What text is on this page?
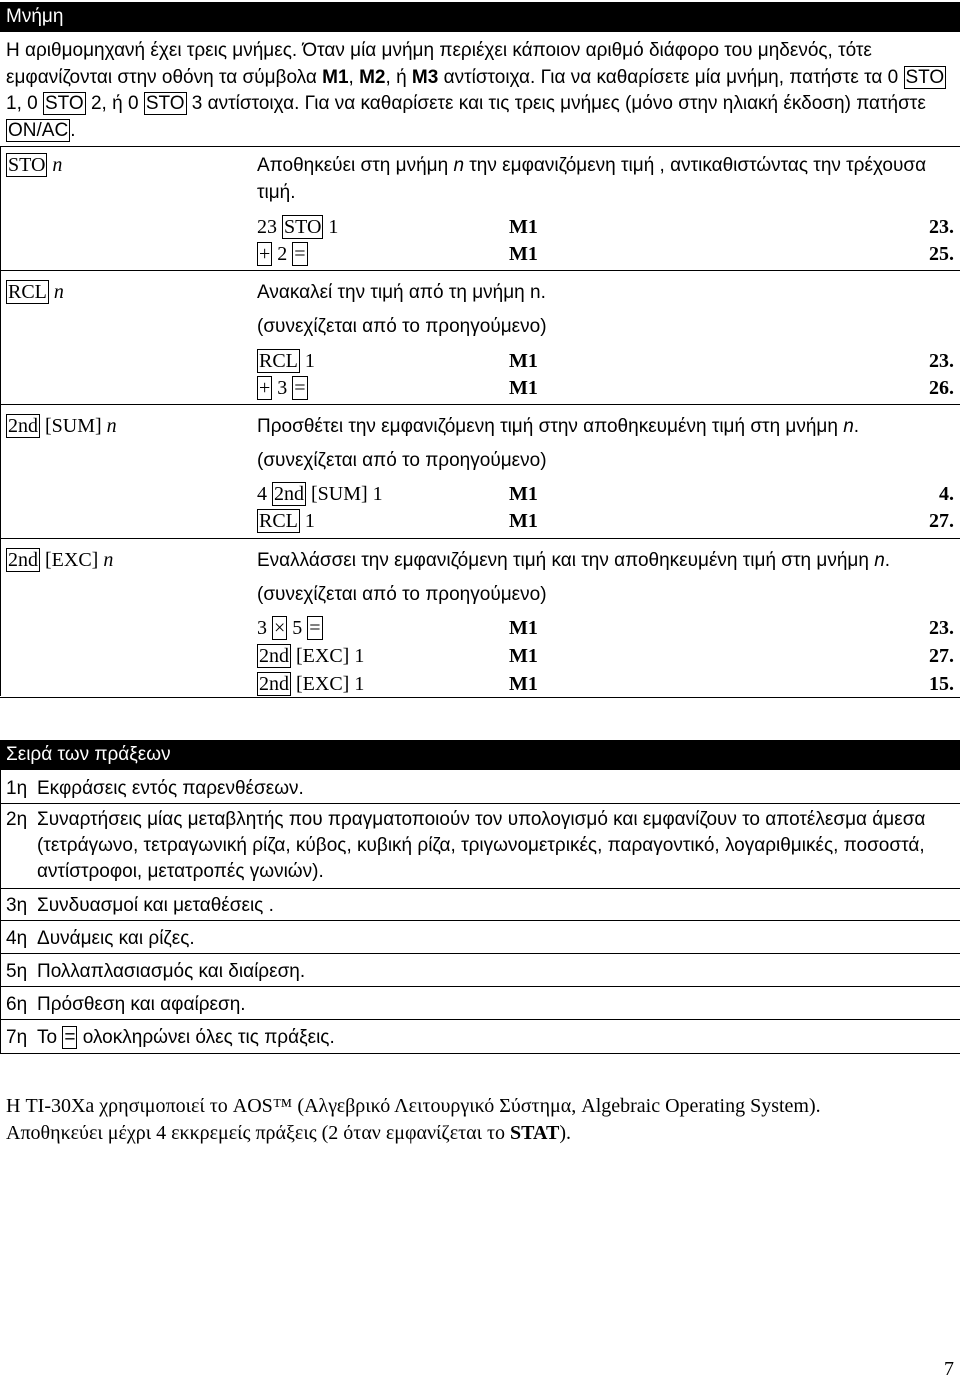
Μνήμη
Η αριθμομηχανή έχει τρεις μνήμες. Όταν μία μνήμη περιέχει κάποιον αριθμό διάφορο του μηδενός, τότε εμφανίζονται στην οθόνη τα σύμβολα M1, M2, ή M3 αντίστοιχα. Για να καθαρίσετε μία μνήμη, πατήστε τα 0 STO 1, 0 STO 2, ή 0 STO 3 αντίστοιχα. Για να καθαρίσετε και τις τρεις μνήμες (μόνο στην ηλιακή έκδοση) πατήστε ON/AC .
STO n	Αποθηκεύει στη μνήμη n την εμφανιζόμενη τιμή , αντικαθιστώντας την τρέχουσα τιμή.
23 STO 1	M1	23.
+ 2 =	M1	25.
RCL n	Ανακαλεί την τιμή από τη μνήμη n.
(συνεχίζεται από το προηγούμενο)
RCL 1	M1	23.
+ 3 =	M1	26.
2nd [SUM] n	Προσθέτει την εμφανιζόμενη τιμή στην αποθηκευμένη τιμή στη μνήμη n.
(συνεχίζεται από το προηγούμενο)
4 2nd [SUM] 1	M1	4.
RCL 1	M1	27.
2nd [EXC] n	Εναλλάσσει την εμφανιζόμενη τιμή και την αποθηκευμένη τιμή στη μνήμη n.
(συνεχίζεται από το προηγούμενο)
3 × 5 =	M1	23.
2nd [EXC] 1	M1	27.
2nd [EXC] 1	M1	15.
Σειρά των πράξεων
1η Εκφράσεις εντός παρενθέσεων.
2η Συναρτήσεις μίας μεταβλητής που πραγματοποιούν τον υπολογισμό και εμφανίζουν το αποτέλεσμα άμεσα (τετράγωνο, τετραγωνική ρίζα, κύβος, κυβική ρίζα, τριγωνομετρικές, παραγοντικό, λογαριθμικές, ποσοστά, αντίστροφοι, μετατροπές γωνιών).
3η Συνδυασμοί και μεταθέσεις .
4η Δυνάμεις και ρίζες.
5η Πολλαπλασιασμός και διαίρεση.
6η Πρόσθεση και αφαίρεση.
7η Το = ολοκληρώνει όλες τις πράξεις.
Η TI-30Xa χρησιμοποιεί το AOS™ (Αλγεβρικό Λειτουργικό Σύστημα, Algebraic Operating System).
Αποθηκεύει μέχρι 4 εκκρεμείς πράξεις (2 όταν εμφανίζεται το STAT).
7
